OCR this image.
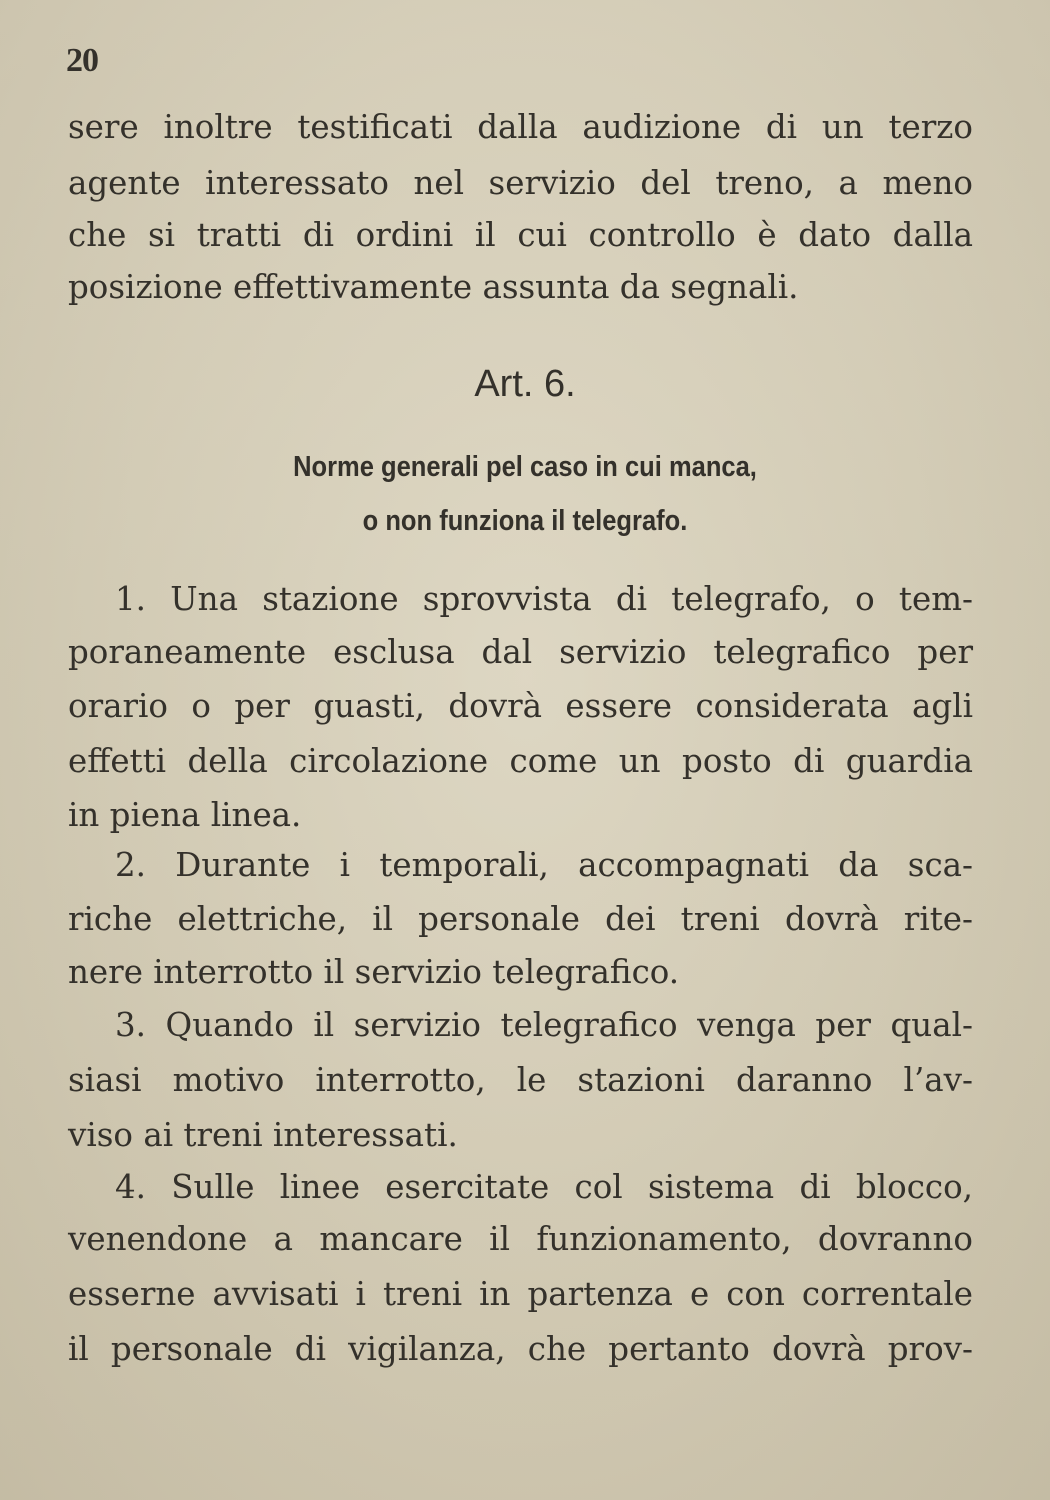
20
sere inoltre testificati dalla audizione di un terzo
agente interessato nel servizio del treno, a meno
che si tratti di ordini il cui controllo è dato dalla
posizione effettivamente assunta da segnali.
Art. 6.
Norme generali pel caso in cui manca,
o non funziona il telegrafo.
1. Una stazione sprovvista di telegrafo, o tem-
poraneamente esclusa dal servizio telegrafico per
orario o per guasti, dovrà essere considerata agli
effetti della circolazione come un posto di guardia
in piena linea.
2. Durante i temporali, accompagnati da sca-
riche elettriche, il personale dei treni dovrà rite-
nere interrotto il servizio telegrafico.
3. Quando il servizio telegrafico venga per qual-
siasi motivo interrotto, le stazioni daranno l’av-
viso ai treni interessati.
4. Sulle linee esercitate col sistema di blocco,
venendone a mancare il funzionamento, dovranno
esserne avvisati i treni in partenza e con correntale
il personale di vigilanza, che pertanto dovrà prov-
